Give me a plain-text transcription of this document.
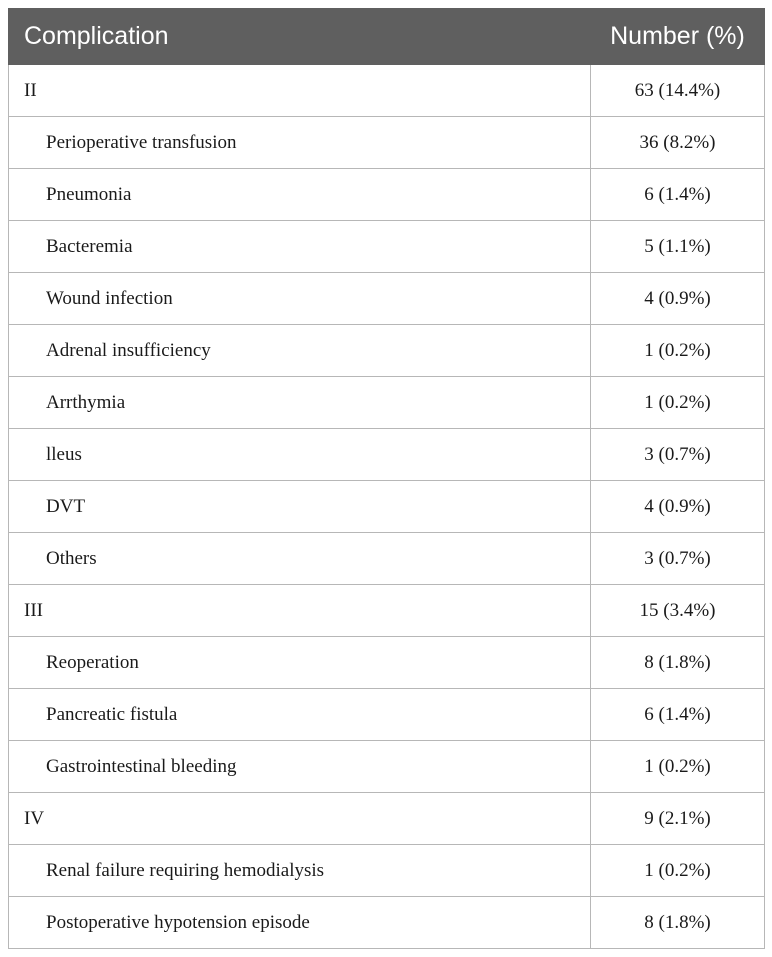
Complication	Number (%)
II	63 (14.4%)
Perioperative transfusion	36 (8.2%)
Pneumonia	6 (1.4%)
Bacteremia	5 (1.1%)
Wound infection	4 (0.9%)
Adrenal insufficiency	1 (0.2%)
Arrthymia	1 (0.2%)
lleus	3 (0.7%)
DVT	4 (0.9%)
Others	3 (0.7%)
III	15 (3.4%)
Reoperation	8 (1.8%)
Pancreatic fistula	6 (1.4%)
Gastrointestinal bleeding	1 (0.2%)
IV	9 (2.1%)
Renal failure requiring hemodialysis	1 (0.2%)
Postoperative hypotension episode	8 (1.8%)
